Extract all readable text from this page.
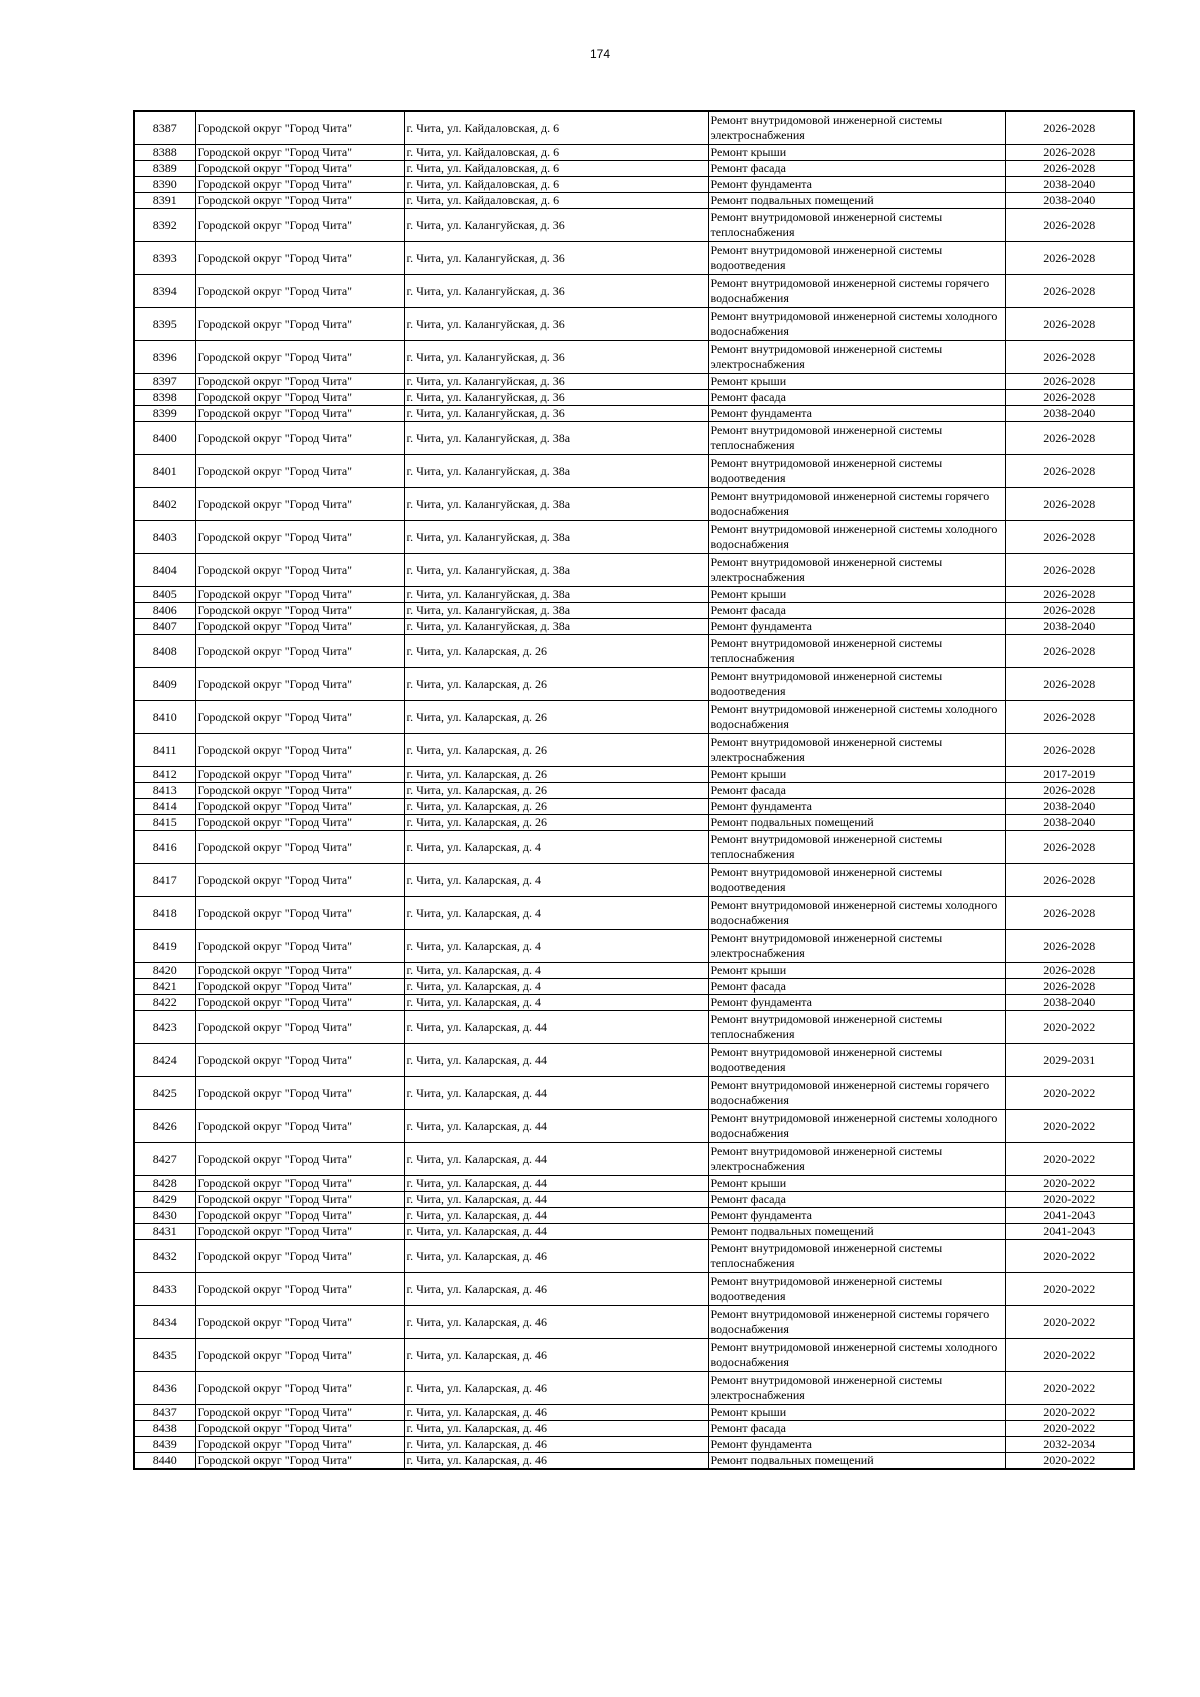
174
8387	Городской округ "Город Чита"	г. Чита, ул. Кайдаловская, д. 6	Ремонт внутридомовой инженерной системы электроснабжения	2026-2028
8388	Городской округ "Город Чита"	г. Чита, ул. Кайдаловская, д. 6	Ремонт крыши	2026-2028
8389	Городской округ "Город Чита"	г. Чита, ул. Кайдаловская, д. 6	Ремонт фасада	2026-2028
8390	Городской округ "Город Чита"	г. Чита, ул. Кайдаловская, д. 6	Ремонт фундамента	2038-2040
8391	Городской округ "Город Чита"	г. Чита, ул. Кайдаловская, д. 6	Ремонт подвальных помещений	2038-2040
8392	Городской округ "Город Чита"	г. Чита, ул. Калангуйская, д. 36	Ремонт внутридомовой инженерной системы теплоснабжения	2026-2028
8393	Городской округ "Город Чита"	г. Чита, ул. Калангуйская, д. 36	Ремонт внутридомовой инженерной системы водоотведения	2026-2028
8394	Городской округ "Город Чита"	г. Чита, ул. Калангуйская, д. 36	Ремонт внутридомовой инженерной системы горячего водоснабжения	2026-2028
8395	Городской округ "Город Чита"	г. Чита, ул. Калангуйская, д. 36	Ремонт внутридомовой инженерной системы холодного водоснабжения	2026-2028
8396	Городской округ "Город Чита"	г. Чита, ул. Калангуйская, д. 36	Ремонт внутридомовой инженерной системы электроснабжения	2026-2028
8397	Городской округ "Город Чита"	г. Чита, ул. Калангуйская, д. 36	Ремонт крыши	2026-2028
8398	Городской округ "Город Чита"	г. Чита, ул. Калангуйская, д. 36	Ремонт фасада	2026-2028
8399	Городской округ "Город Чита"	г. Чита, ул. Калангуйская, д. 36	Ремонт фундамента	2038-2040
8400	Городской округ "Город Чита"	г. Чита, ул. Калангуйская, д. 38а	Ремонт внутридомовой инженерной системы теплоснабжения	2026-2028
8401	Городской округ "Город Чита"	г. Чита, ул. Калангуйская, д. 38а	Ремонт внутридомовой инженерной системы водоотведения	2026-2028
8402	Городской округ "Город Чита"	г. Чита, ул. Калангуйская, д. 38а	Ремонт внутридомовой инженерной системы горячего водоснабжения	2026-2028
8403	Городской округ "Город Чита"	г. Чита, ул. Калангуйская, д. 38а	Ремонт внутридомовой инженерной системы холодного водоснабжения	2026-2028
8404	Городской округ "Город Чита"	г. Чита, ул. Калангуйская, д. 38а	Ремонт внутридомовой инженерной системы электроснабжения	2026-2028
8405	Городской округ "Город Чита"	г. Чита, ул. Калангуйская, д. 38а	Ремонт крыши	2026-2028
8406	Городской округ "Город Чита"	г. Чита, ул. Калангуйская, д. 38а	Ремонт фасада	2026-2028
8407	Городской округ "Город Чита"	г. Чита, ул. Калангуйская, д. 38а	Ремонт фундамента	2038-2040
8408	Городской округ "Город Чита"	г. Чита, ул. Каларская, д. 26	Ремонт внутридомовой инженерной системы теплоснабжения	2026-2028
8409	Городской округ "Город Чита"	г. Чита, ул. Каларская, д. 26	Ремонт внутридомовой инженерной системы водоотведения	2026-2028
8410	Городской округ "Город Чита"	г. Чита, ул. Каларская, д. 26	Ремонт внутридомовой инженерной системы холодного водоснабжения	2026-2028
8411	Городской округ "Город Чита"	г. Чита, ул. Каларская, д. 26	Ремонт внутридомовой инженерной системы электроснабжения	2026-2028
8412	Городской округ "Город Чита"	г. Чита, ул. Каларская, д. 26	Ремонт крыши	2017-2019
8413	Городской округ "Город Чита"	г. Чита, ул. Каларская, д. 26	Ремонт фасада	2026-2028
8414	Городской округ "Город Чита"	г. Чита, ул. Каларская, д. 26	Ремонт фундамента	2038-2040
8415	Городской округ "Город Чита"	г. Чита, ул. Каларская, д. 26	Ремонт подвальных помещений	2038-2040
8416	Городской округ "Город Чита"	г. Чита, ул. Каларская, д. 4	Ремонт внутридомовой инженерной системы теплоснабжения	2026-2028
8417	Городской округ "Город Чита"	г. Чита, ул. Каларская, д. 4	Ремонт внутридомовой инженерной системы водоотведения	2026-2028
8418	Городской округ "Город Чита"	г. Чита, ул. Каларская, д. 4	Ремонт внутридомовой инженерной системы холодного водоснабжения	2026-2028
8419	Городской округ "Город Чита"	г. Чита, ул. Каларская, д. 4	Ремонт внутридомовой инженерной системы электроснабжения	2026-2028
8420	Городской округ "Город Чита"	г. Чита, ул. Каларская, д. 4	Ремонт крыши	2026-2028
8421	Городской округ "Город Чита"	г. Чита, ул. Каларская, д. 4	Ремонт фасада	2026-2028
8422	Городской округ "Город Чита"	г. Чита, ул. Каларская, д. 4	Ремонт фундамента	2038-2040
8423	Городской округ "Город Чита"	г. Чита, ул. Каларская, д. 44	Ремонт внутридомовой инженерной системы теплоснабжения	2020-2022
8424	Городской округ "Город Чита"	г. Чита, ул. Каларская, д. 44	Ремонт внутридомовой инженерной системы водоотведения	2029-2031
8425	Городской округ "Город Чита"	г. Чита, ул. Каларская, д. 44	Ремонт внутридомовой инженерной системы горячего водоснабжения	2020-2022
8426	Городской округ "Город Чита"	г. Чита, ул. Каларская, д. 44	Ремонт внутридомовой инженерной системы холодного водоснабжения	2020-2022
8427	Городской округ "Город Чита"	г. Чита, ул. Каларская, д. 44	Ремонт внутридомовой инженерной системы электроснабжения	2020-2022
8428	Городской округ "Город Чита"	г. Чита, ул. Каларская, д. 44	Ремонт крыши	2020-2022
8429	Городской округ "Город Чита"	г. Чита, ул. Каларская, д. 44	Ремонт фасада	2020-2022
8430	Городской округ "Город Чита"	г. Чита, ул. Каларская, д. 44	Ремонт фундамента	2041-2043
8431	Городской округ "Город Чита"	г. Чита, ул. Каларская, д. 44	Ремонт подвальных помещений	2041-2043
8432	Городской округ "Город Чита"	г. Чита, ул. Каларская, д. 46	Ремонт внутридомовой инженерной системы теплоснабжения	2020-2022
8433	Городской округ "Город Чита"	г. Чита, ул. Каларская, д. 46	Ремонт внутридомовой инженерной системы водоотведения	2020-2022
8434	Городской округ "Город Чита"	г. Чита, ул. Каларская, д. 46	Ремонт внутридомовой инженерной системы горячего водоснабжения	2020-2022
8435	Городской округ "Город Чита"	г. Чита, ул. Каларская, д. 46	Ремонт внутридомовой инженерной системы холодного водоснабжения	2020-2022
8436	Городской округ "Город Чита"	г. Чита, ул. Каларская, д. 46	Ремонт внутридомовой инженерной системы электроснабжения	2020-2022
8437	Городской округ "Город Чита"	г. Чита, ул. Каларская, д. 46	Ремонт крыши	2020-2022
8438	Городской округ "Город Чита"	г. Чита, ул. Каларская, д. 46	Ремонт фасада	2020-2022
8439	Городской округ "Город Чита"	г. Чита, ул. Каларская, д. 46	Ремонт фундамента	2032-2034
8440	Городской округ "Город Чита"	г. Чита, ул. Каларская, д. 46	Ремонт подвальных помещений	2020-2022
